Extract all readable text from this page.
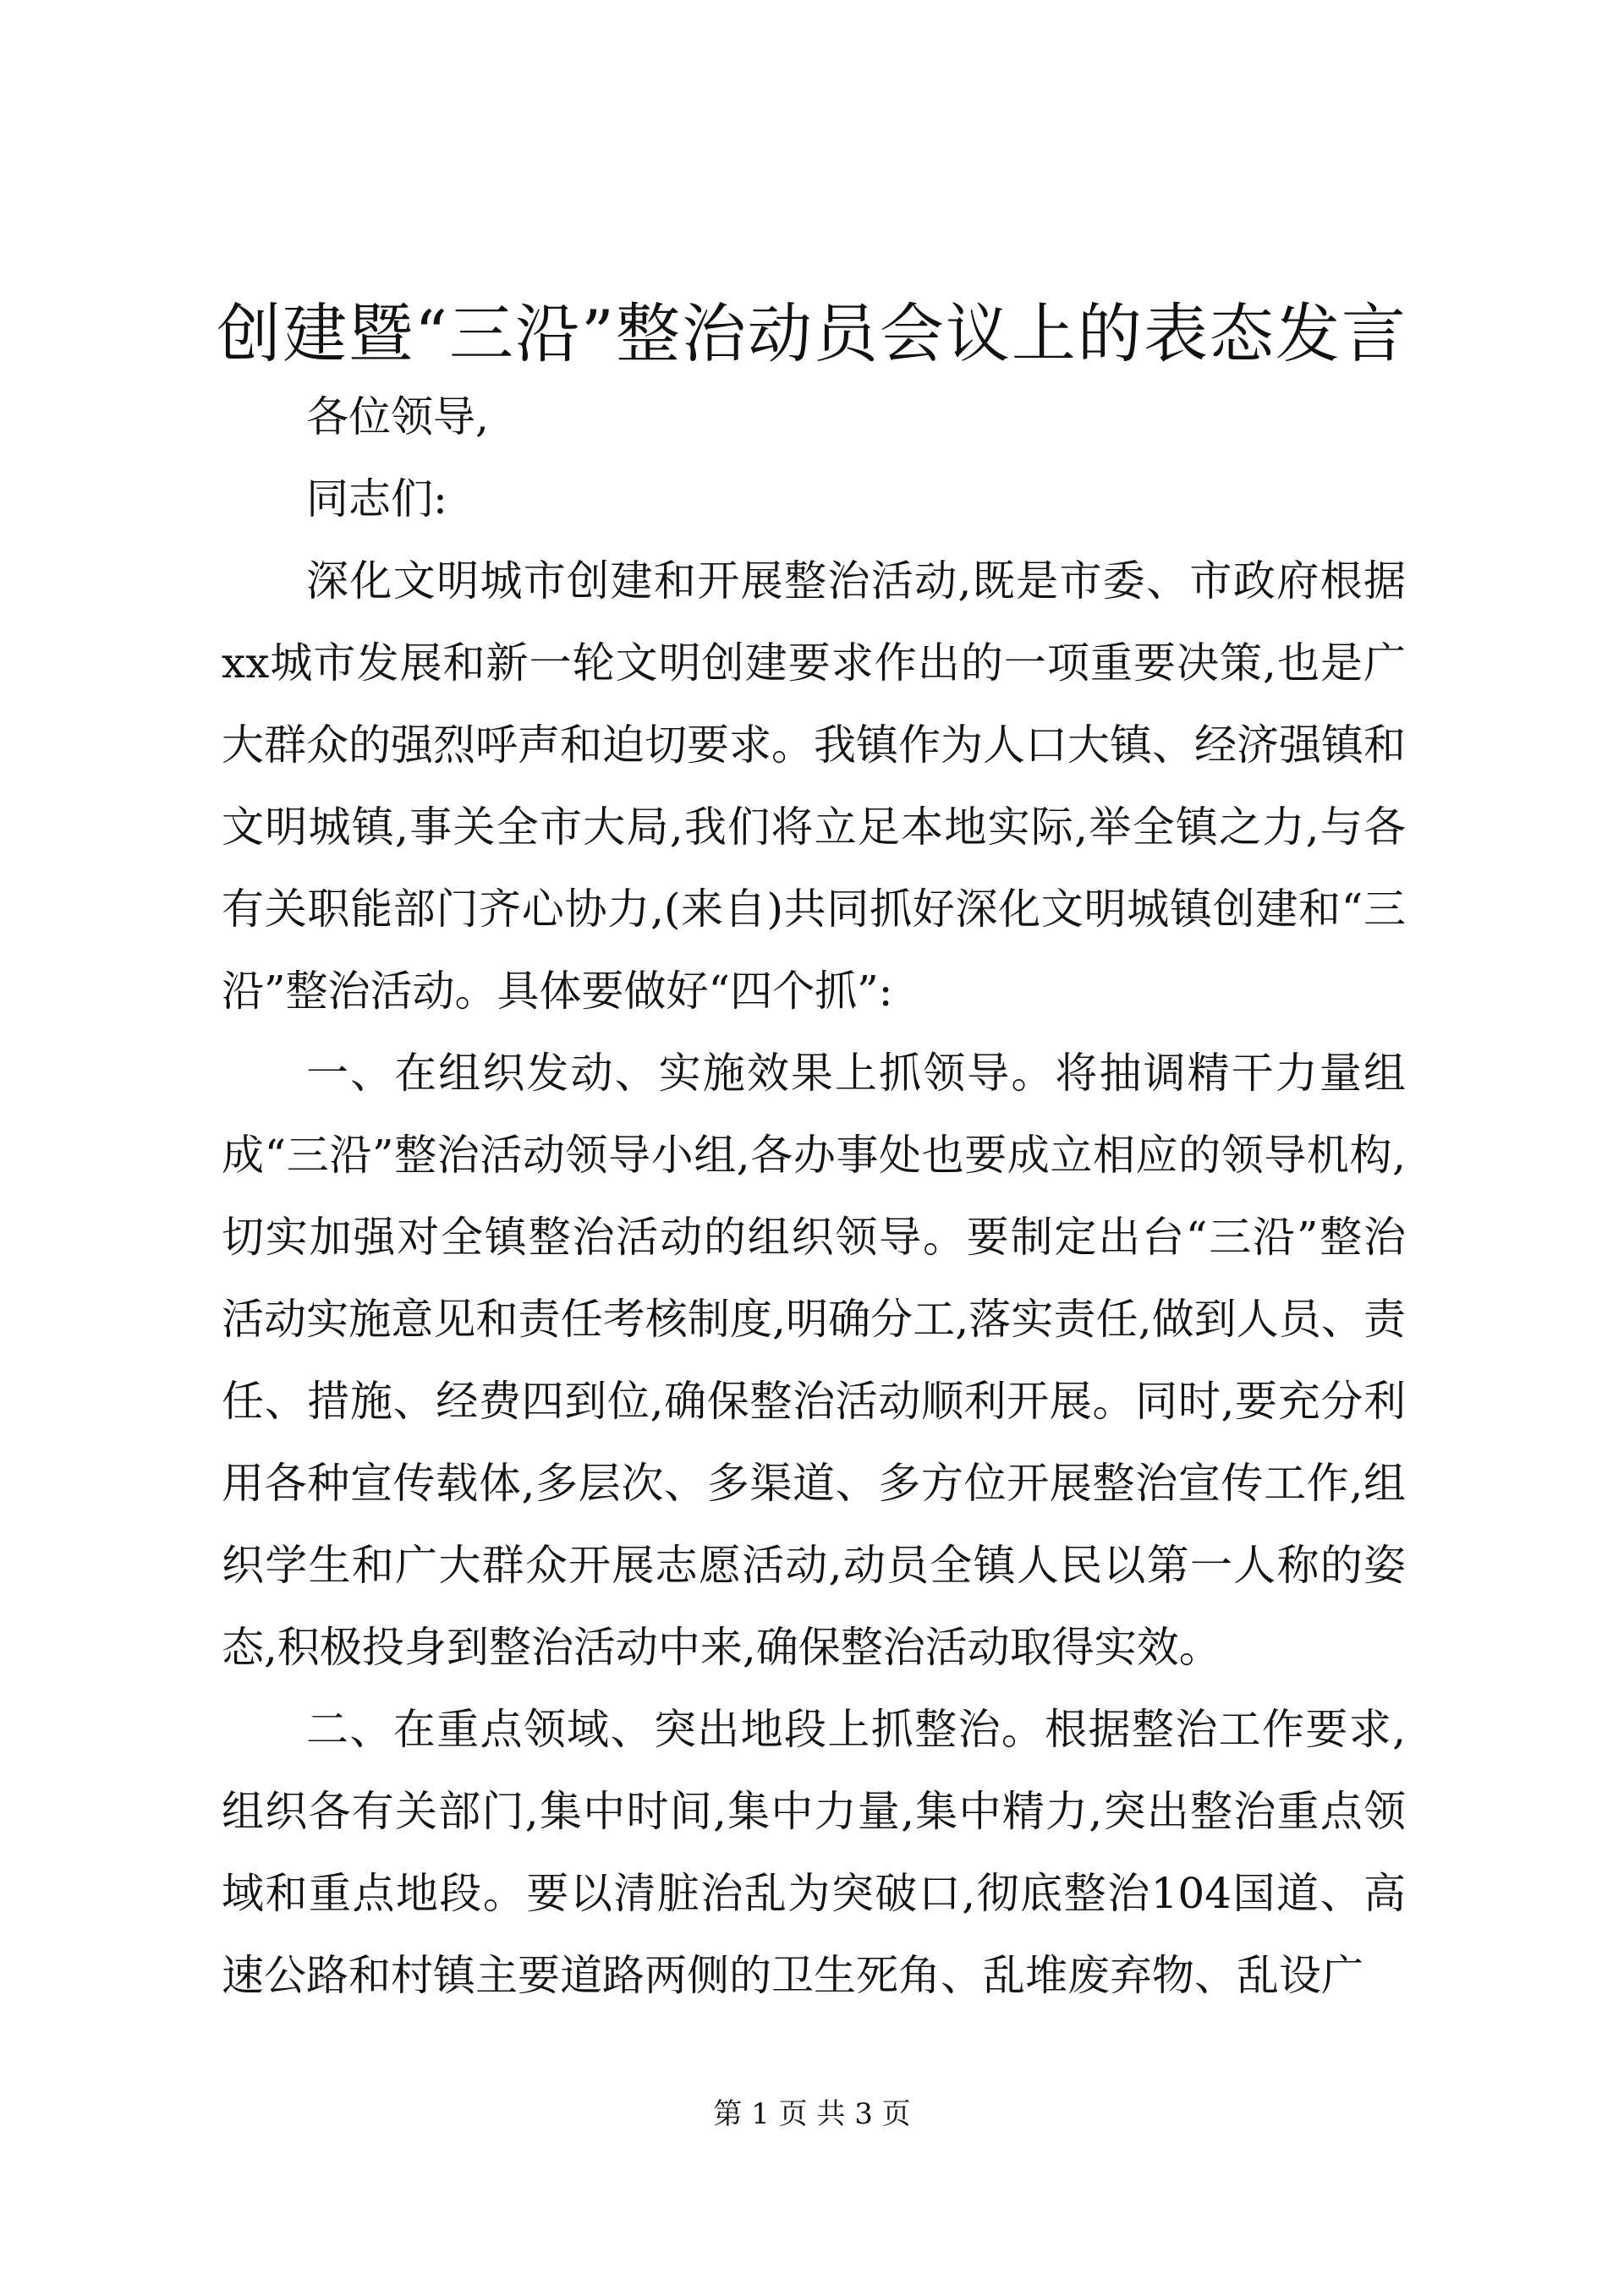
创建暨“三沿”整治动员会议上的表态发言

各位领导,

同志们:

深化文明城市创建和开展整治活动,既是市委、市政府根据xx城市发展和新一轮文明创建要求作出的一项重要决策,也是广大群众的强烈呼声和迫切要求。我镇作为人口大镇、经济强镇和文明城镇,事关全市大局,我们将立足本地实际,举全镇之力,与各有关职能部门齐心协力,(来自)共同抓好深化文明城镇创建和“三沿”整治活动。具体要做好“四个抓”:

一、在组织发动、实施效果上抓领导。将抽调精干力量组成“三沿”整治活动领导小组,各办事处也要成立相应的领导机构,切实加强对全镇整治活动的组织领导。要制定出台“三沿”整治活动实施意见和责任考核制度,明确分工,落实责任,做到人员、责任、措施、经费四到位,确保整治活动顺利开展。同时,要充分利用各种宣传载体,多层次、多渠道、多方位开展整治宣传工作,组织学生和广大群众开展志愿活动,动员全镇人民以第一人称的姿态,积极投身到整治活动中来,确保整治活动取得实效。

二、在重点领域、突出地段上抓整治。根据整治工作要求,组织各有关部门,集中时间,集中力量,集中精力,突出整治重点领域和重点地段。要以清脏治乱为突破口,彻底整治104国道、高速公路和村镇主要道路两侧的卫生死角、乱堆废弃物、乱设广

第 1 页 共 3 页
